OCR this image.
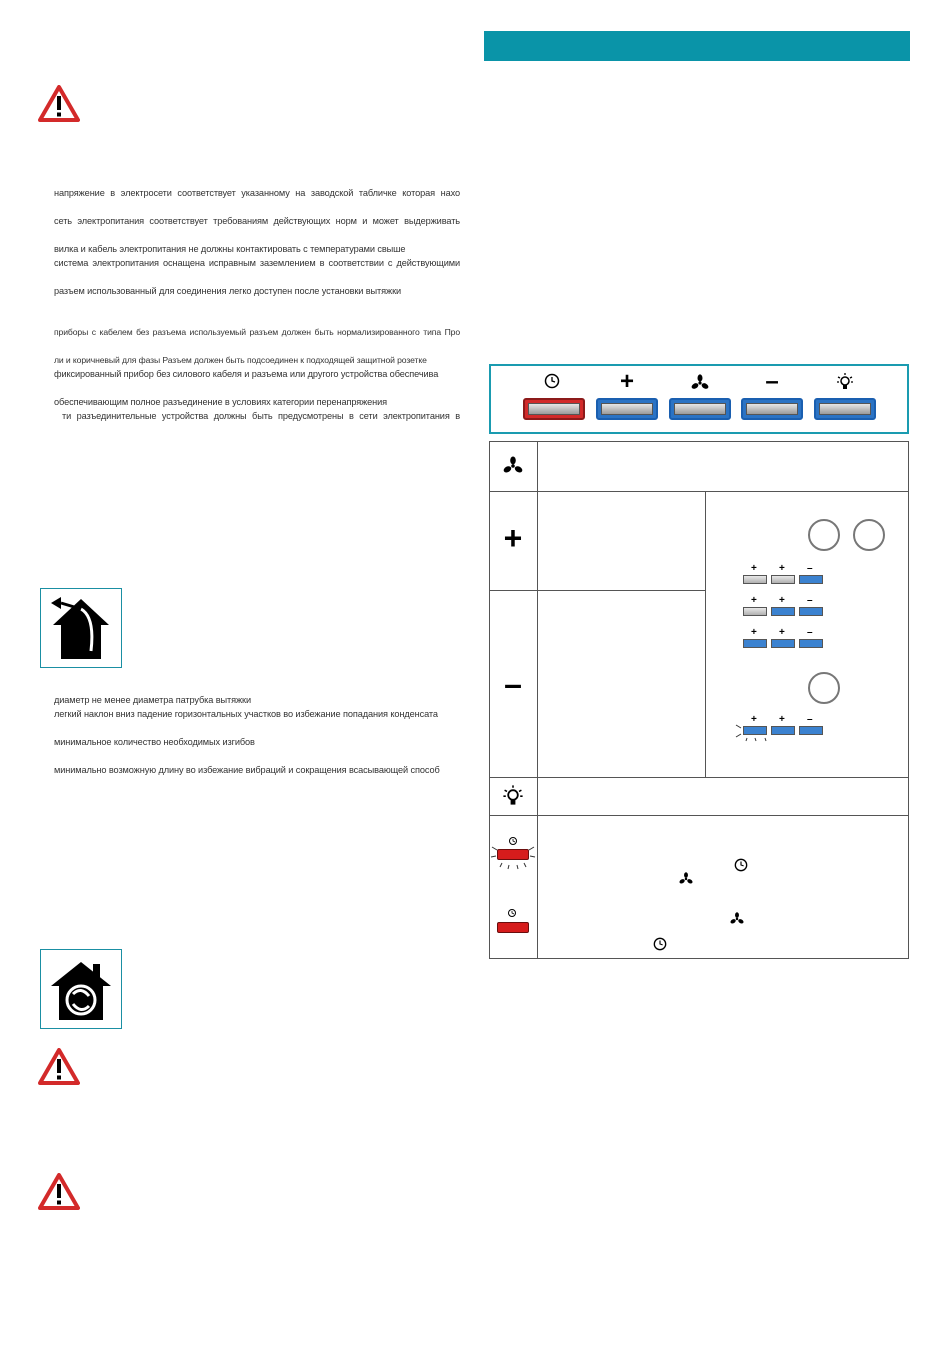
напряжение в электросети соответствует указанному на заводской табличке которая нахо
сеть электропитания соответствует требованиям действующих норм и может выдерживать
вилка и кабель электропитания не должны контактировать с температурами свыше
система электропитания оснащена исправным заземлением в соответствии с действующими
разъем использованный для соединения легко доступен после установки вытяжки
приборы с кабелем без разъема используемый разъем должен быть нормализированного типа Про
ли и коричневый для фазы Разъем должен быть подсоединен к подходящей защитной розетке
фиксированный прибор без силового кабеля и разъема или другого устройства обеспечива
обеспечивающим полное разъединение в условиях категории перенапряжения
ти разъединительные устройства должны быть предусмотрены в сети электропитания в
диаметр не менее диаметра патрубка вытяжки
легкий наклон вниз падение горизонтальных участков во избежание попадания конденсата
минимальное количество необходимых изгибов
минимально возможную длину во избежание вибраций и сокращения всасывающей способ
+	–
+
–
+ + –
+ + –
+ + –
+ + –
